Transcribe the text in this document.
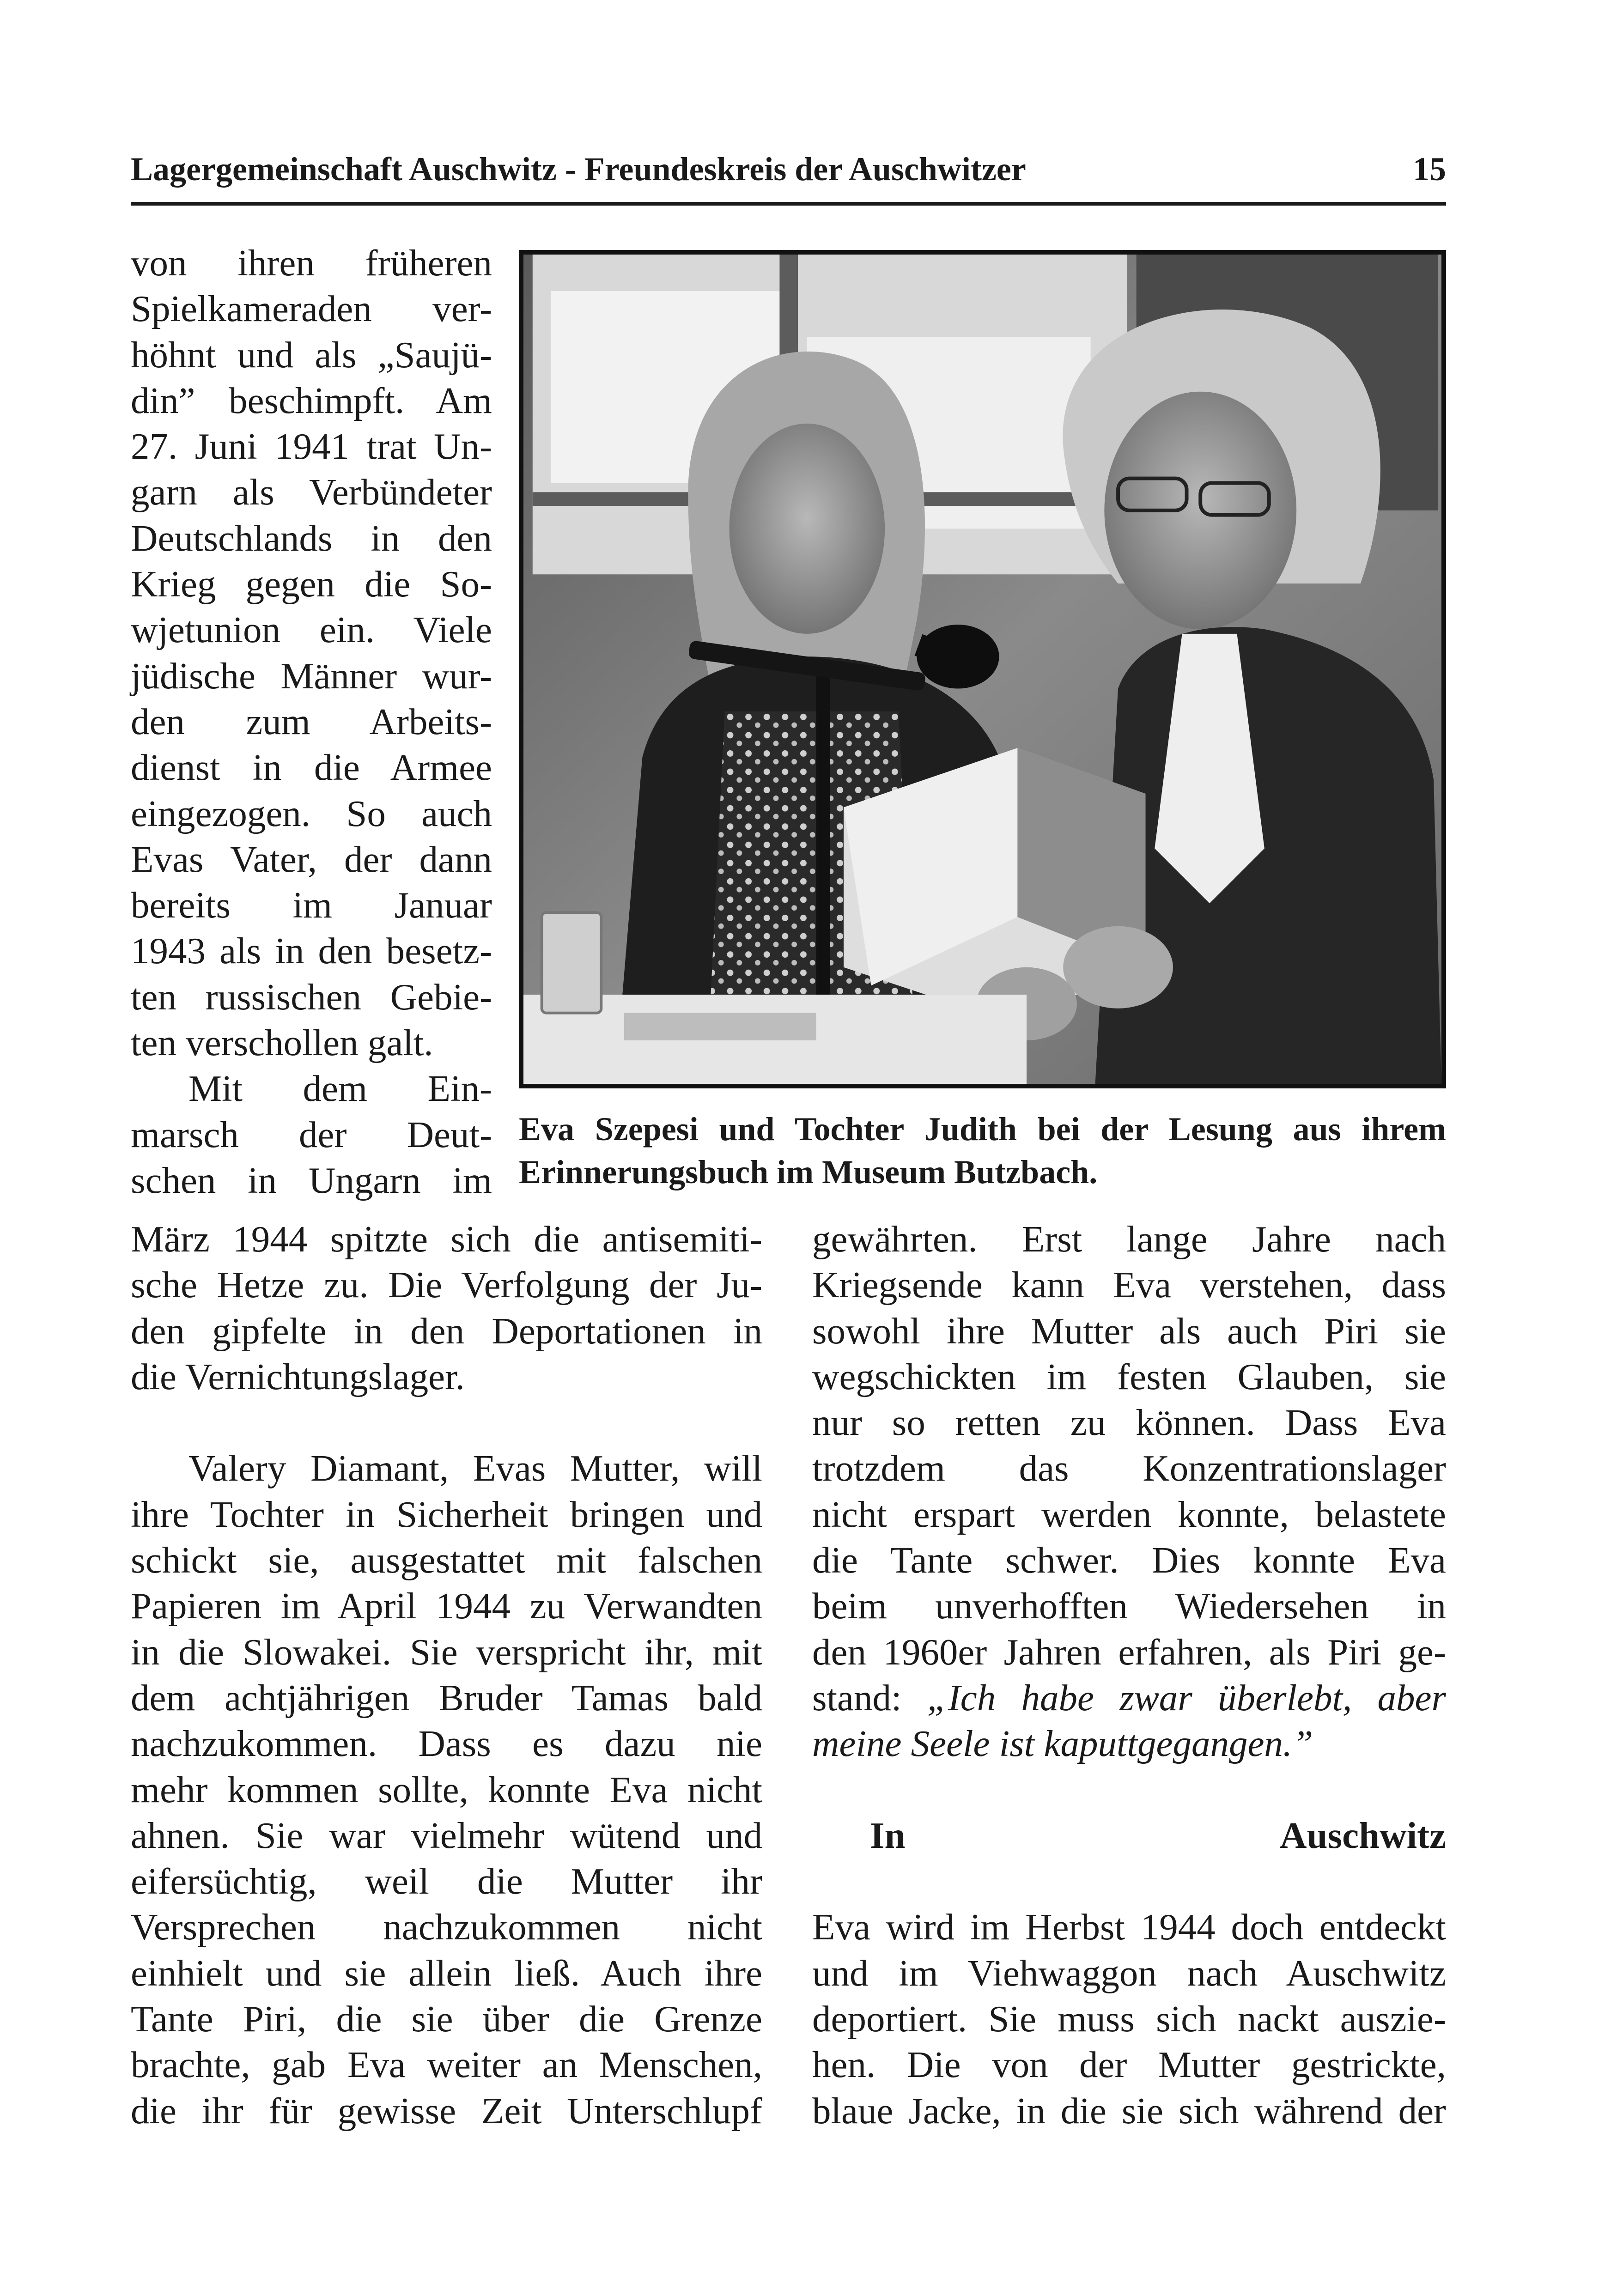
Lagergemeinschaft Auschwitz - Freundeskreis der Auschwitzer	15
von ihren früheren
Spielkameraden ver-
höhnt und als „Saujü-
din” beschimpft. Am
27. Juni 1941 trat Un-
garn als Verbündeter
Deutschlands in den
Krieg gegen die So-
wjetunion ein. Viele
jüdische Männer wur-
den zum Arbeits-
dienst in die Armee
eingezogen. So auch
Evas Vater, der dann
bereits im Januar
1943 als in den besetz-
ten russischen Gebie-
ten verschollen galt.
Mit dem Ein-
marsch der Deut-
schen in Ungarn im
Eva Szepesi und Tochter Judith bei der Lesung aus ihrem Erinnerungsbuch im Museum Butzbach.
März 1944 spitzte sich die antisemiti-
sche Hetze zu. Die Verfolgung der Ju-
den gipfelte in den Deportationen in
die Vernichtungslager.
Valery Diamant, Evas Mutter, will
ihre Tochter in Sicherheit bringen und
schickt sie, ausgestattet mit falschen
Papieren im April 1944 zu Verwandten
in die Slowakei. Sie verspricht ihr, mit
dem achtjährigen Bruder Tamas bald
nachzukommen. Dass es dazu nie
mehr kommen sollte, konnte Eva nicht
ahnen. Sie war vielmehr wütend und
eifersüchtig, weil die Mutter ihr
Versprechen nachzukommen nicht
einhielt und sie allein ließ. Auch ihre
Tante Piri, die sie über die Grenze
brachte, gab Eva weiter an Menschen,
die ihr für gewisse Zeit Unterschlupf
gewährten. Erst lange Jahre nach
Kriegsende kann Eva verstehen, dass
sowohl ihre Mutter als auch Piri sie
wegschickten im festen Glauben, sie
nur so retten zu können. Dass Eva
trotzdem das Konzentrationslager
nicht erspart werden konnte, belastete
die Tante schwer. Dies konnte Eva
beim unverhofften Wiedersehen in
den 1960er Jahren erfahren, als Piri ge-
stand: „Ich habe zwar überlebt, aber
meine Seele ist kaputtgegangen.”
In Auschwitz
Eva wird im Herbst 1944 doch entdeckt
und im Viehwaggon nach Auschwitz
deportiert. Sie muss sich nackt auszie-
hen. Die von der Mutter gestrickte,
blaue Jacke, in die sie sich während der
